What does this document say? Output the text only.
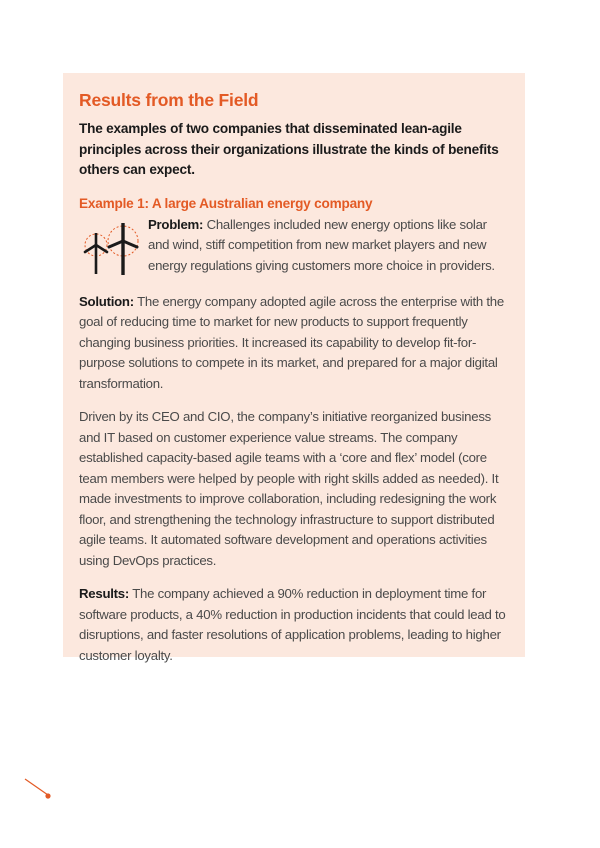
Results from the Field

The examples of two companies that disseminated lean-agile principles across their organizations illustrate the kinds of benefits others can expect.

Example 1: A large Australian energy company

Problem: Challenges included new energy options like solar and wind, stiff competition from new market players and new energy regulations giving customers more choice in providers.

Solution: The energy company adopted agile across the enterprise with the goal of reducing time to market for new products to support frequently changing business priorities. It increased its capability to develop fit-for-purpose solutions to compete in its market, and prepared for a major digital transformation.

Driven by its CEO and CIO, the company’s initiative reorganized business and IT based on customer experience value streams. The company established capacity-based agile teams with a ‘core and flex’ model (core team members were helped by people with right skills added as needed). It made investments to improve collaboration, including redesigning the work floor, and strengthening the technology infrastructure to support distributed agile teams. It automated software development and operations activities using DevOps practices.

Results: The company achieved a 90% reduction in deployment time for software products, a 40% reduction in production incidents that could lead to disruptions, and faster resolutions of application problems, leading to higher customer loyalty.
